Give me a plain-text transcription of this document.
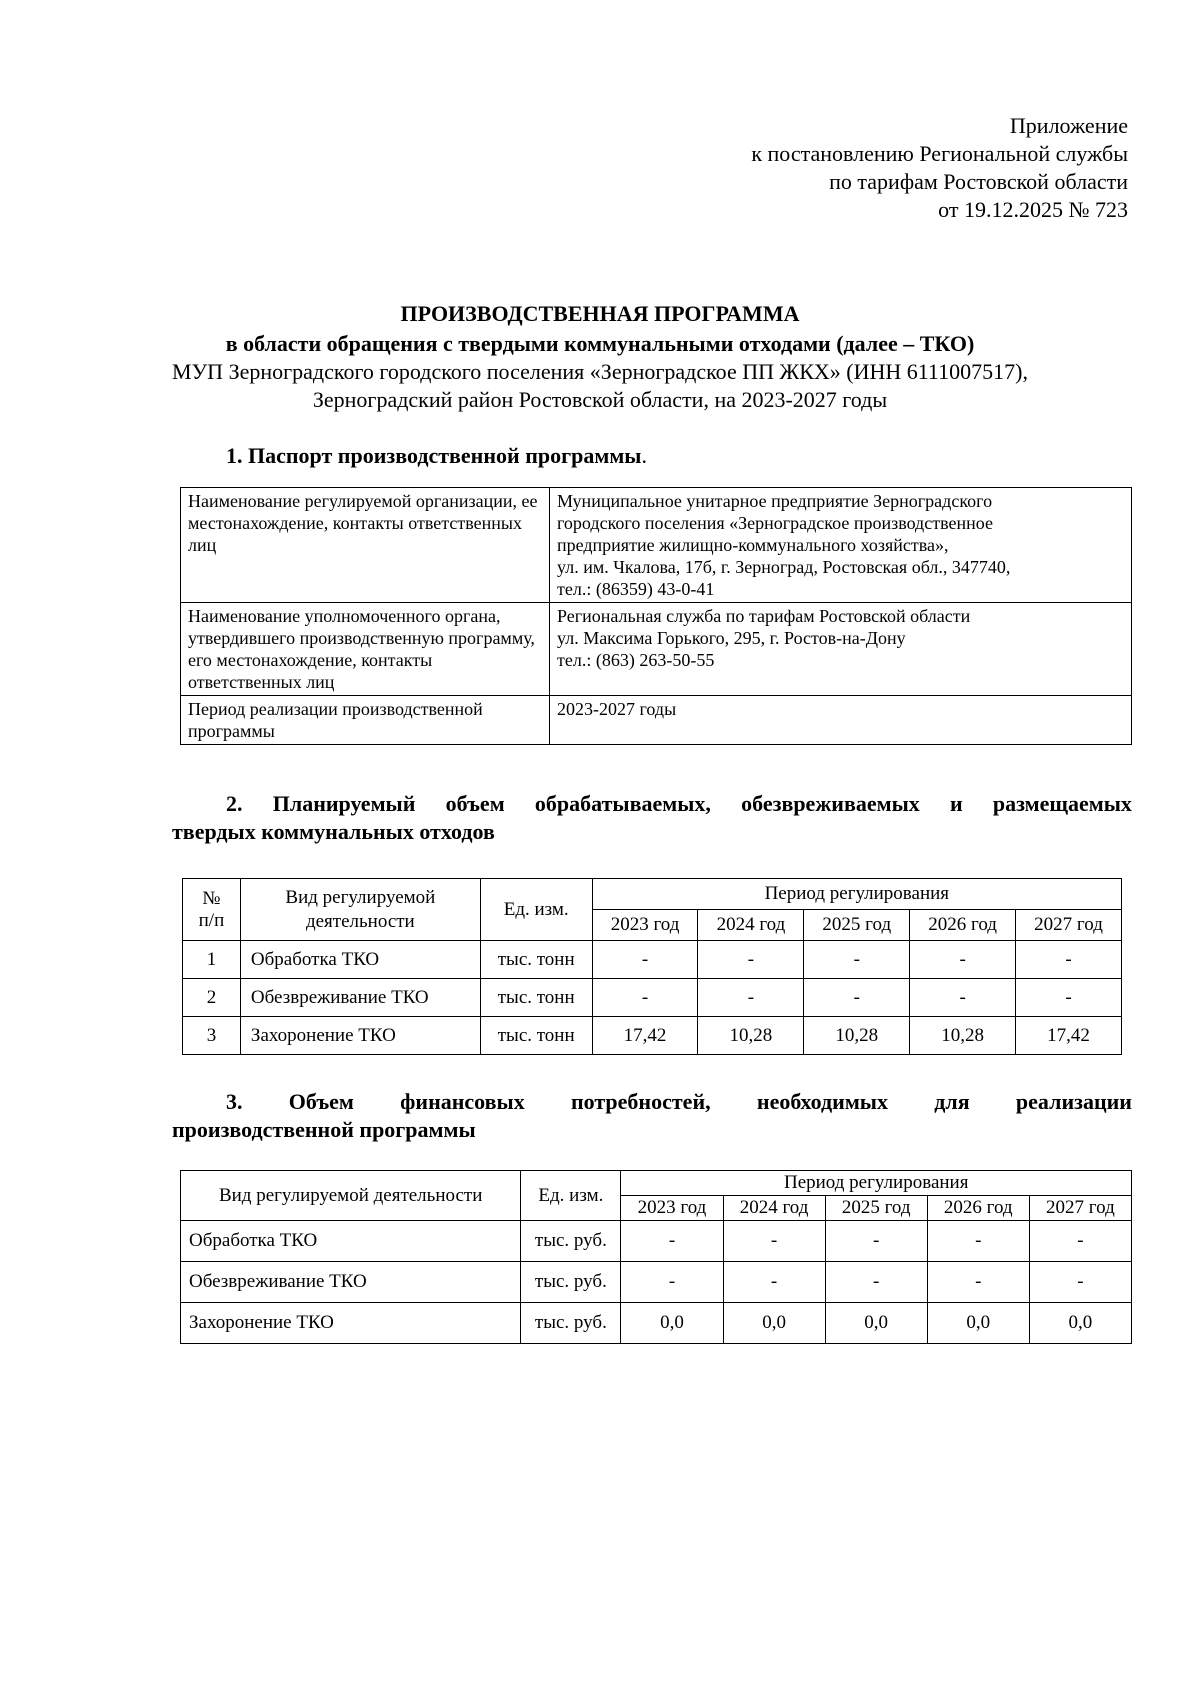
Приложение
к постановлению Региональной службы
по тарифам Ростовской области
от 19.12.2025 № 723
ПРОИЗВОДСТВЕННАЯ ПРОГРАММА
в области обращения с твердыми коммунальными отходами (далее – ТКО)
МУП Зерноградского городского поселения «Зерноградское ПП ЖКХ» (ИНН 6111007517),
Зерноградский район Ростовской области, на 2023-2027 годы
1. Паспорт производственной программы.
Наименование регулируемой организации, ее местонахождение, контакты ответственных лиц	Муниципальное унитарное предприятие Зерноградского
городского поселения «Зерноградское производственное
предприятие жилищно-коммунального хозяйства»,
ул. им. Чкалова, 17б, г. Зерноград, Ростовская обл., 347740,
тел.: (86359) 43-0-41

Наименование уполномоченного органа, утвердившего производственную программу, его местонахождение, контакты ответственных лиц	Региональная служба по тарифам Ростовской области
ул. Максима Горького, 295, г. Ростов-на-Дону
тел.: (863) 263-50-55

Период реализации производственной программы	2023-2027 годы
2. Планируемый объем обрабатываемых, обезвреживаемых и размещаемых
твердых коммунальных отходов
№
п/п	Вид регулируемой деятельности	Ед. изм.	Период регулирования				
			2023 год	2024 год	2025 год	2026 год	2027 год
1	Обработка ТКО	тыс. тонн	-	-	-	-	-
2	Обезвреживание ТКО	тыс. тонн	-	-	-	-	-
3	Захоронение ТКО	тыс. тонн	17,42	10,28	10,28	10,28	17,42
3. Объем финансовых потребностей, необходимых для реализации
производственной программы
Вид регулируемой деятельности	Ед. изм.	Период регулирования				
		2023 год	2024 год	2025 год	2026 год	2027 год
Обработка ТКО	тыс. руб.	-	-	-	-	-
Обезвреживание ТКО	тыс. руб.	-	-	-	-	-
Захоронение ТКО	тыс. руб.	0,0	0,0	0,0	0,0	0,0
